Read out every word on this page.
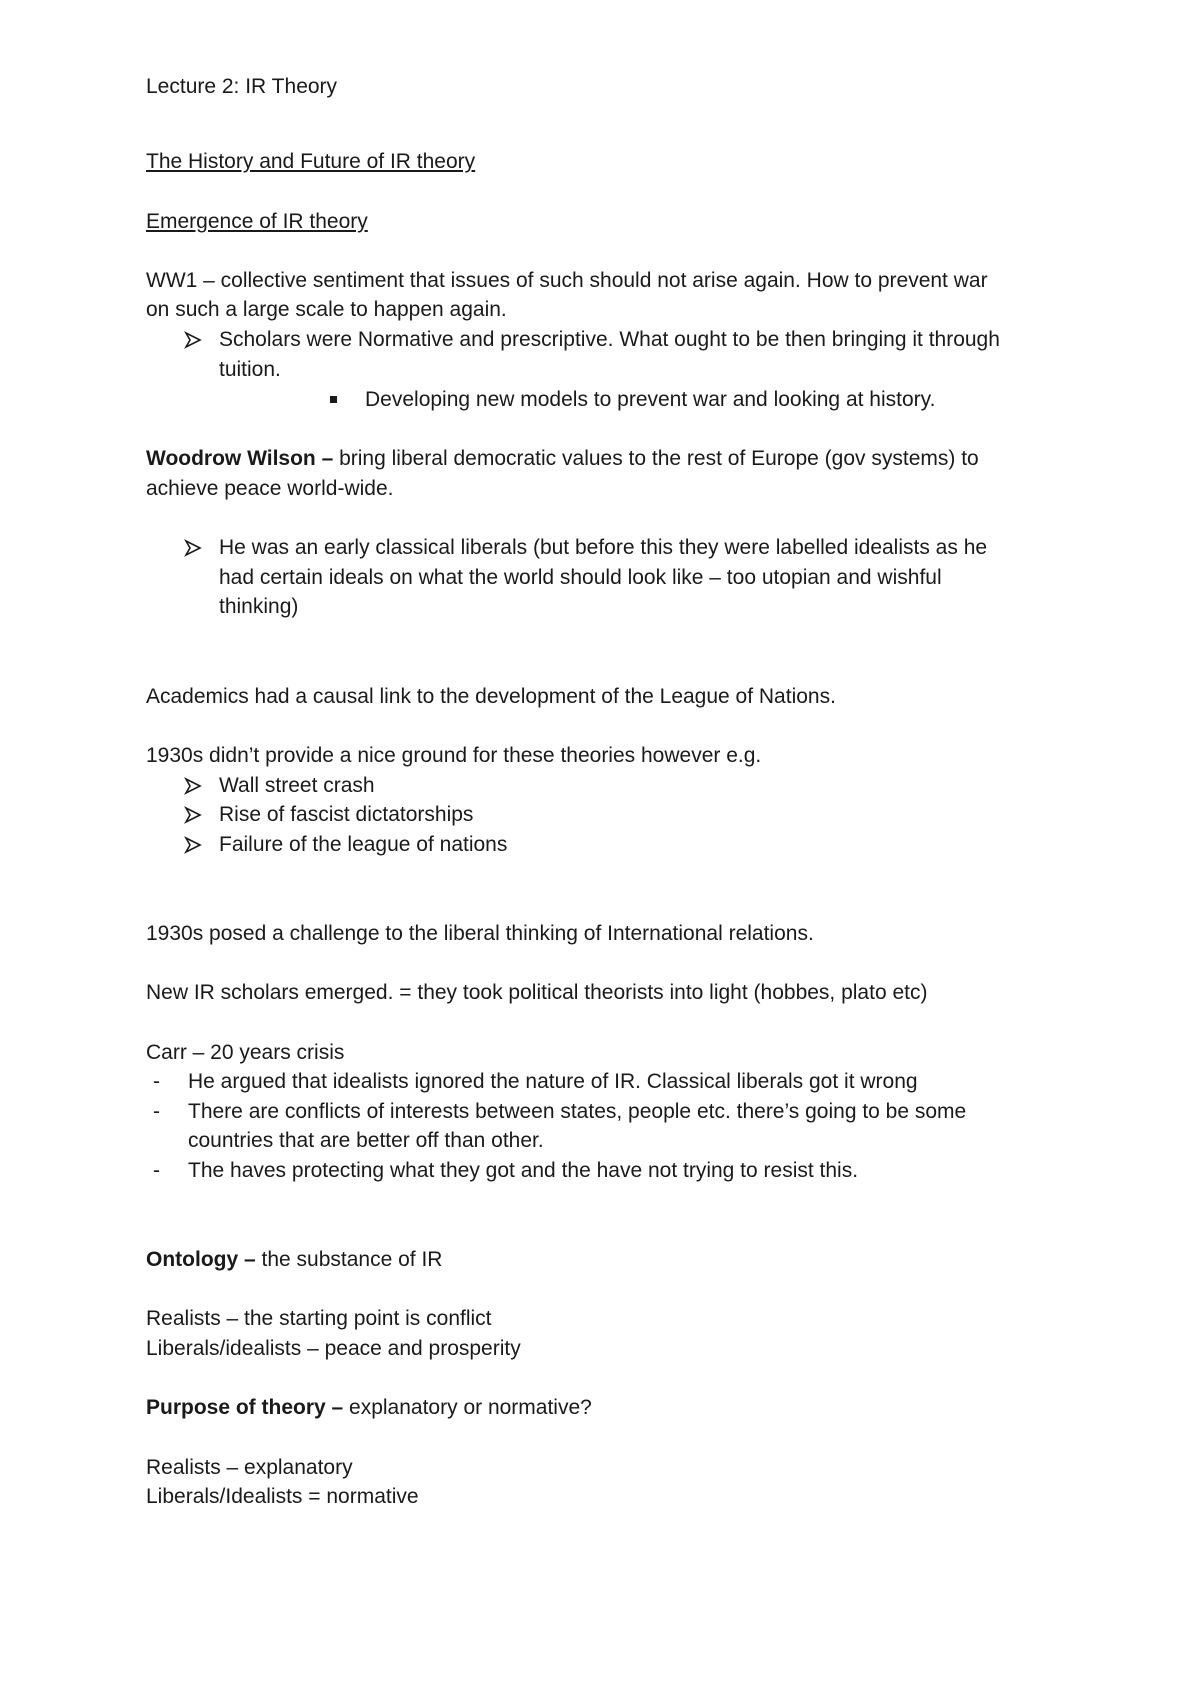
Lecture 2: IR Theory
The History and Future of IR theory
Emergence of IR theory
WW1 – collective sentiment that issues of such should not arise again. How to prevent war
on such a large scale to happen again.
Scholars were Normative and prescriptive. What ought to be then bringing it through
tuition.
Developing new models to prevent war and looking at history.
Woodrow Wilson – bring liberal democratic values to the rest of Europe (gov systems) to
achieve peace world-wide.
He was an early classical liberals (but before this they were labelled idealists as he
had certain ideals on what the world should look like – too utopian and wishful
thinking)
Academics had a causal link to the development of the League of Nations.
1930s didn’t provide a nice ground for these theories however e.g.
Wall street crash
Rise of fascist dictatorships
Failure of the league of nations
1930s posed a challenge to the liberal thinking of International relations.
New IR scholars emerged. = they took political theorists into light (hobbes, plato etc)
Carr – 20 years crisis
- He argued that idealists ignored the nature of IR. Classical liberals got it wrong
- There are conflicts of interests between states, people etc. there’s going to be some
countries that are better off than other.
- The haves protecting what they got and the have not trying to resist this.
Ontology – the substance of IR
Realists – the starting point is conflict
Liberals/idealists – peace and prosperity
Purpose of theory – explanatory or normative?
Realists – explanatory
Liberals/Idealists = normative
